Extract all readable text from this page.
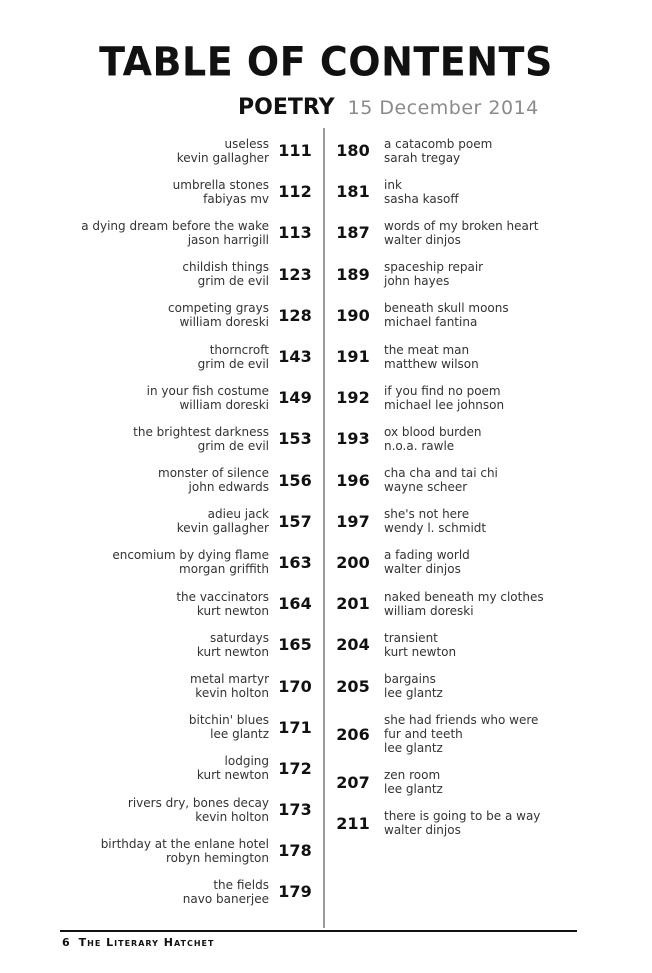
TABLE OF CONTENTS
POETRY 15 December 2014
useless
kevin gallagher 111
umbrella stones
fabiyas mv 112
a dying dream before the wake
jason harrigill 113
childish things
grim de evil 123
competing grays
william doreski 128
thorncroft
grim de evil 143
in your fish costume
william doreski 149
the brightest darkness
grim de evil 153
monster of silence
john edwards 156
adieu jack
kevin gallagher 157
encomium by dying flame
morgan griffith 163
the vaccinators
kurt newton 164
saturdays
kurt newton 165
metal martyr
kevin holton 170
bitchin' blues
lee glantz 171
lodging
kurt newton 172
rivers dry, bones decay
kevin holton 173
birthday at the enlane hotel
robyn hemington 178
the fields
navo banerjee 179
180 a catacomb poem
sarah tregay
181 ink
sasha kasoff
187 words of my broken heart
walter dinjos
189 spaceship repair
john hayes
190 beneath skull moons
michael fantina
191 the meat man
matthew wilson
192 if you find no poem
michael lee johnson
193 ox blood burden
n.o.a. rawle
196 cha cha and tai chi
wayne scheer
197 she's not here
wendy l. schmidt
200 a fading world
walter dinjos
201 naked beneath my clothes
william doreski
204 transient
kurt newton
205 bargains
lee glantz
206
she had friends who were
fur and teeth
lee glantz
207 zen room
lee glantz
211 there is going to be a way
walter dinjos
6 The Literary Hatchet
